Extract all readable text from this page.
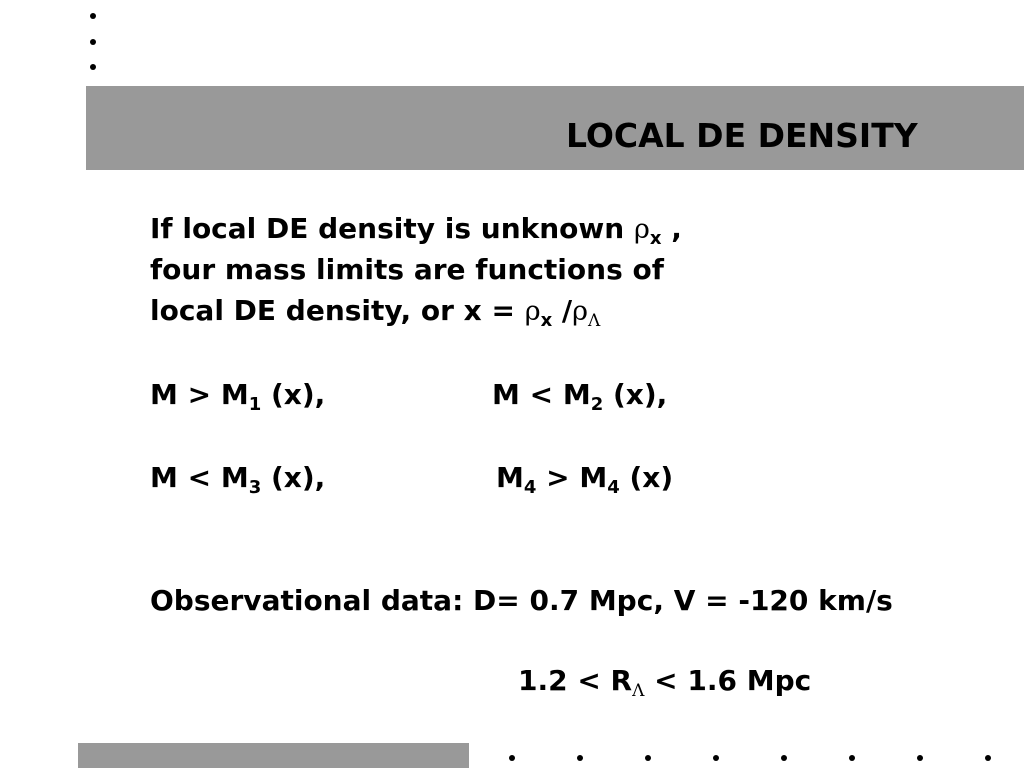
LOCAL DE DENSITY
If local DE density is unknown $\rho_x$ ,
four mass limits are functions of
local DE density, or $x = \rho_x$ $/\rho_\Lambda$
$M > M_1$ (x),	$M < M_2$ (x),
$M < M_3$ (x),	$M_4 > M_4$ (x)
Observational data: D= 0.7 Mpc, V = -120 km/s
$1.2 < R_\Lambda < 1.6$ Mpc
